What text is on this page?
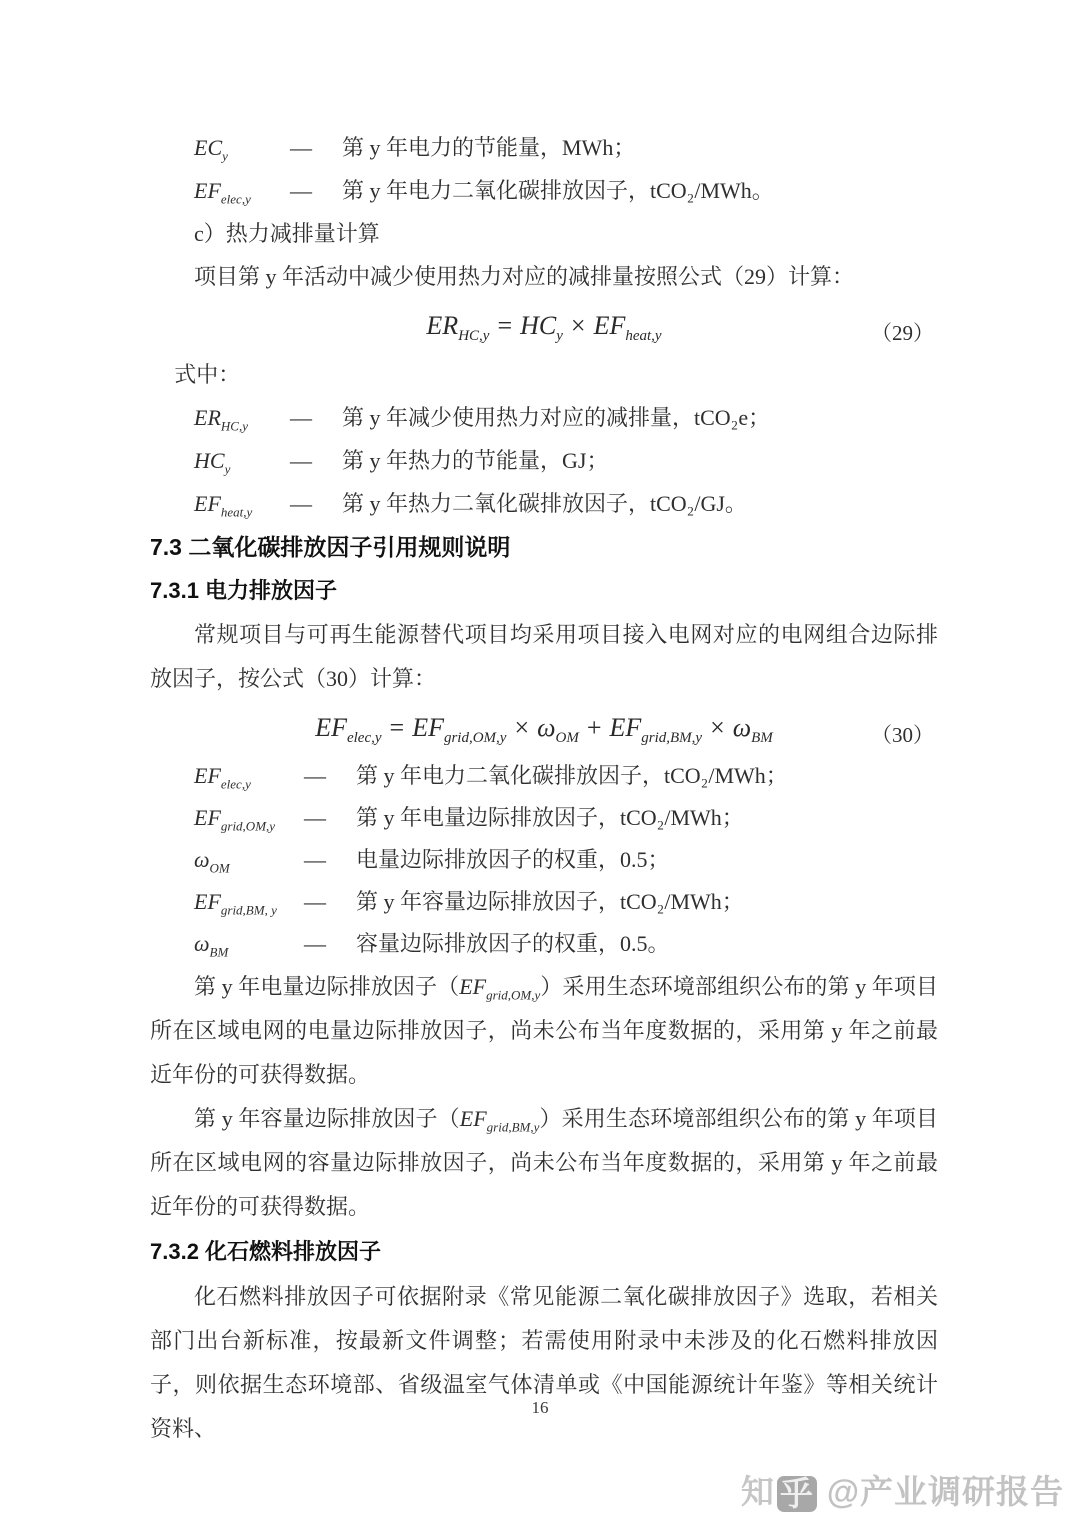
$EC_y$	—	第 y 年电力的节能量，MWh；
$EF_{elec,y}$	—	第 y 年电力二氧化碳排放因子，tCO₂/MWh。
c）热力减排量计算

项目第 y 年活动中减少使用热力对应的减排量按照公式（29）计算：

$ER_{HC,y} = HC_y \times EF_{heat,y}$	（29）
式中：
$ER_{HC,y}$	—	第 y 年减少使用热力对应的减排量，tCO₂e；
$HC_y$	—	第 y 年热力的节能量，GJ；
$EF_{heat,y}$	—	第 y 年热力二氧化碳排放因子，tCO₂/GJ。
7.3 二氧化碳排放因子引用规则说明
7.3.1 电力排放因子

常规项目与可再生能源替代项目均采用项目接入电网对应的电网组合边际排放因子，按公式（30）计算：

$EF_{elec,y} = EF_{grid,OM,y} \times \omega_{OM} + EF_{grid,BM,y} \times \omega_{BM}$	（30）
$EF_{elec,y}$	—	第 y 年电力二氧化碳排放因子，tCO₂/MWh；
$EF_{grid,OM,y}$	—	第 y 年电量边际排放因子，tCO₂/MWh；
$\omega_{OM}$	—	电量边际排放因子的权重，0.5；
$EF_{grid,BM, y}$	—	第 y 年容量边际排放因子，tCO₂/MWh；
$\omega_{BM}$	—	容量边际排放因子的权重，0.5。

第 y 年电量边际排放因子$(EF_{grid,OM,y})$采用生态环境部组织公布的第 y 年项目所在区域电网的电量边际排放因子，尚未公布当年度数据的，采用第 y 年之前最近年份的可获得数据。

第 y 年容量边际排放因子$(EF_{grid,BM,y})$采用生态环境部组织公布的第 y 年项目所在区域电网的容量边际排放因子，尚未公布当年度数据的，采用第 y 年之前最近年份的可获得数据。

7.3.2 化石燃料排放因子

化石燃料排放因子可依据附录《常见能源二氧化碳排放因子》选取，若相关部门出台新标准，按最新文件调整；若需使用附录中未涉及的化石燃料排放因子，则依据生态环境部、省级温室气体清单或《中国能源统计年鉴》等相关统计资料、

16
知 乎 @产业调研报告
